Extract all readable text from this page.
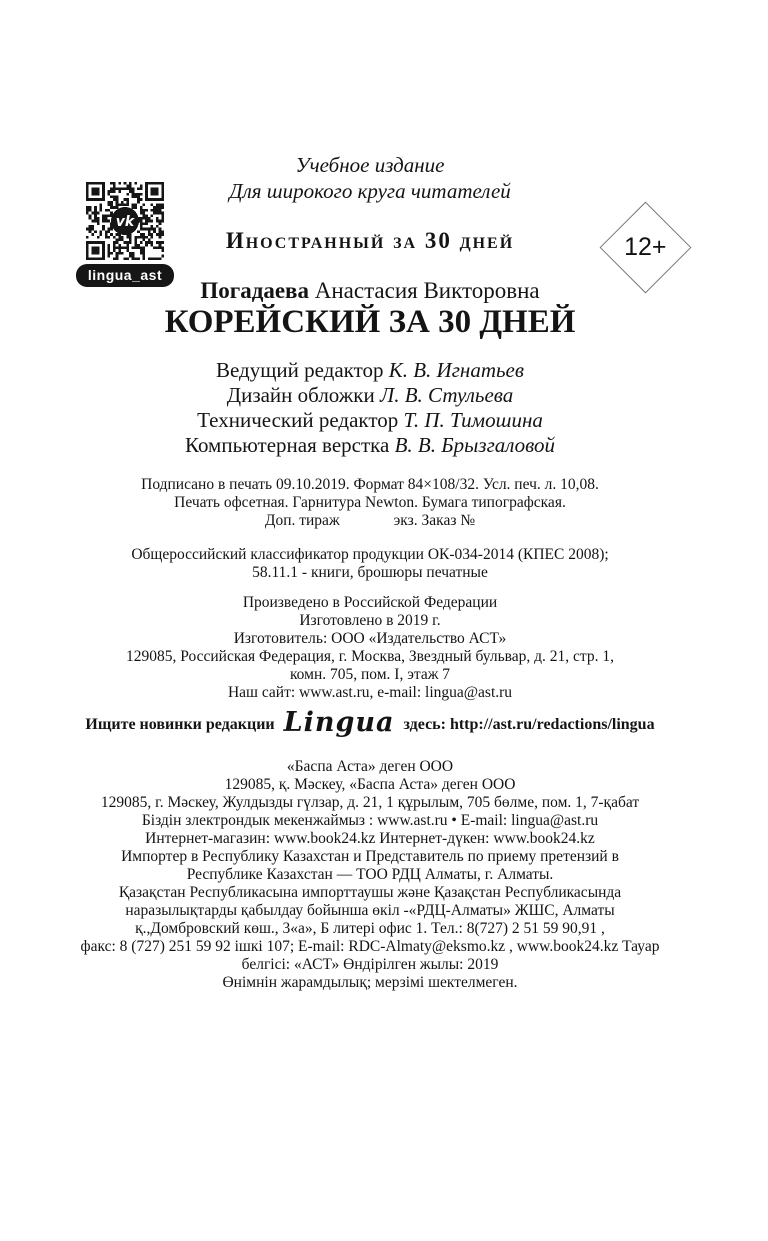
vk
lingua_ast
12+
Учебное издание
Для широкого круга читателей
Иностранный за 30 дней
Погадаева Анастасия Викторовна
КОРЕЙСКИЙ ЗА 30 ДНЕЙ
Ведущий редактор К. В. Игнатьев
Дизайн обложки Л. В. Стульева
Технический редактор Т. П. Тимошина
Компьютерная верстка В. В. Брызгаловой
Подписано в печать 09.10.2019. Формат 84×108/32. Усл. печ. л. 10,08.
Печать офсетная. Гарнитура Newton. Бумага типографская.
Доп. тираж	экз. Заказ №
Общероссийский классификатор продукции ОК-034-2014 (КПЕС 2008);
58.11.1 - книги, брошюры печатные
Произведено в Российской Федерации
Изготовлено в 2019 г.
Изготовитель: ООО «Издательство АСТ»
129085, Российская Федерация, г. Москва, Звездный бульвар, д. 21, стр. 1,
комн. 705, пом. I, этаж 7
Наш сайт: www.ast.ru, e-mail: lingua@ast.ru
Ищите новинки редакции Lingua здесь: http://ast.ru/redactions/lingua
«Баспа Аста» деген ООО
129085, қ. Мәскеу, «Баспа Аста» деген ООО
129085, г. Мәскеу, Жулдызды гүлзар, д. 21, 1 құрылым, 705 бөлме, пом. 1, 7-қабат
Біздін злектрондык мекенжаймыз : www.ast.ru • E-mail: lingua@ast.ru
Интернет-магазин: www.book24.kz Интернет-дүкен: www.book24.kz
Импортер в Республику Казахстан и Представитель по приему претензий в
Республике Казахстан — ТОО РДЦ Алматы, г. Алматы.
Қазақстан Республикасына импорттаушы және Қазақстан Республикасында
наразылықтарды қабылдау бойынша өкіл -«РДЦ-Алматы» ЖШС, Алматы
қ.,Домбровский көш., 3«а», Б литері офис 1. Тел.: 8(727) 2 51 59 90,91 ,
факс: 8 (727) 251 59 92 ішкі 107; E-mail: RDC-Almaty@eksmo.kz , www.book24.kz Тауар
белгісі: «АСТ» Өндірілген жылы: 2019
Өнімнін жарамдылық; мерзімі шектелмеген.
